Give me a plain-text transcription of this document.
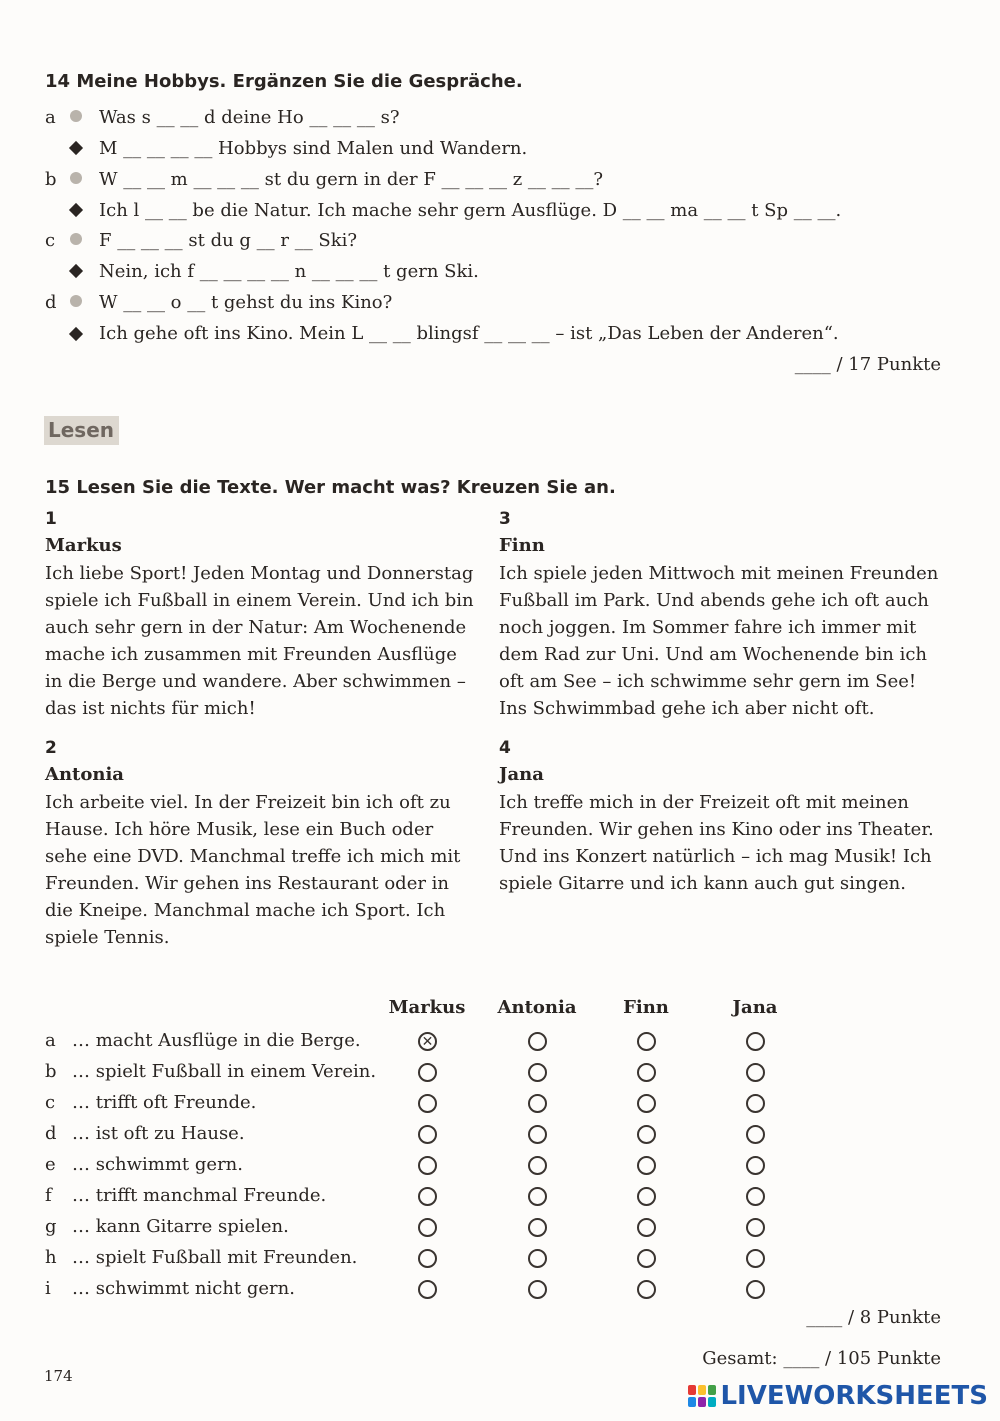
14 Meine Hobbys. Ergänzen Sie die Gespräche.
a Was s __ __ d deine Ho __ __ __ s?
M __ __ __ __ Hobbys sind Malen und Wandern.
b W __ __ m __ __ __ st du gern in der F __ __ __ z __ __ __?
Ich l __ __ be die Natur. Ich mache sehr gern Ausflüge. D __ __ ma __ __ t Sp __ __.
c F __ __ __ st du g __ r __ Ski?
Nein, ich f __ __ __ __ n __ __ __ t gern Ski.
d W __ __ o __ t gehst du ins Kino?
Ich gehe oft ins Kino. Mein L __ __ blingsf __ __ __ – ist „Das Leben der Anderen“.
____ / 17 Punkte
Lesen
15 Lesen Sie die Texte. Wer macht was? Kreuzen Sie an.
1
Markus
Ich liebe Sport! Jeden Montag und Donnerstag spiele ich Fußball in einem Verein. Und ich bin auch sehr gern in der Natur: Am Wochenende mache ich zusammen mit Freunden Ausflüge in die Berge und wandere. Aber schwimmen – das ist nichts für mich!
2
Antonia
Ich arbeite viel. In der Freizeit bin ich oft zu Hause. Ich höre Musik, lese ein Buch oder sehe eine DVD. Manchmal treffe ich mich mit Freunden. Wir gehen ins Restaurant oder in die Kneipe. Manchmal mache ich Sport. Ich spiele Tennis.
3
Finn
Ich spiele jeden Mittwoch mit meinen Freunden Fußball im Park. Und abends gehe ich oft auch noch joggen. Im Sommer fahre ich immer mit dem Rad zur Uni. Und am Wochenende bin ich oft am See – ich schwimme sehr gern im See! Ins Schwimmbad gehe ich aber nicht oft.
4
Jana
Ich treffe mich in der Freizeit oft mit meinen Freunden. Wir gehen ins Kino oder ins Theater. Und ins Konzert natürlich – ich mag Musik! Ich spiele Gitarre und ich kann auch gut singen.
Markus	Antonia	Finn	Jana
a … macht Ausflüge in die Berge.	✕
b … spielt Fußball in einem Verein.
c … trifft oft Freunde.
d … ist oft zu Hause.
e … schwimmt gern.
f … trifft manchmal Freunde.
g … kann Gitarre spielen.
h … spielt Fußball mit Freunden.
i … schwimmt nicht gern.
____ / 8 Punkte
Gesamt: ____ / 105 Punkte
174
LIVEWORKSHEETS
